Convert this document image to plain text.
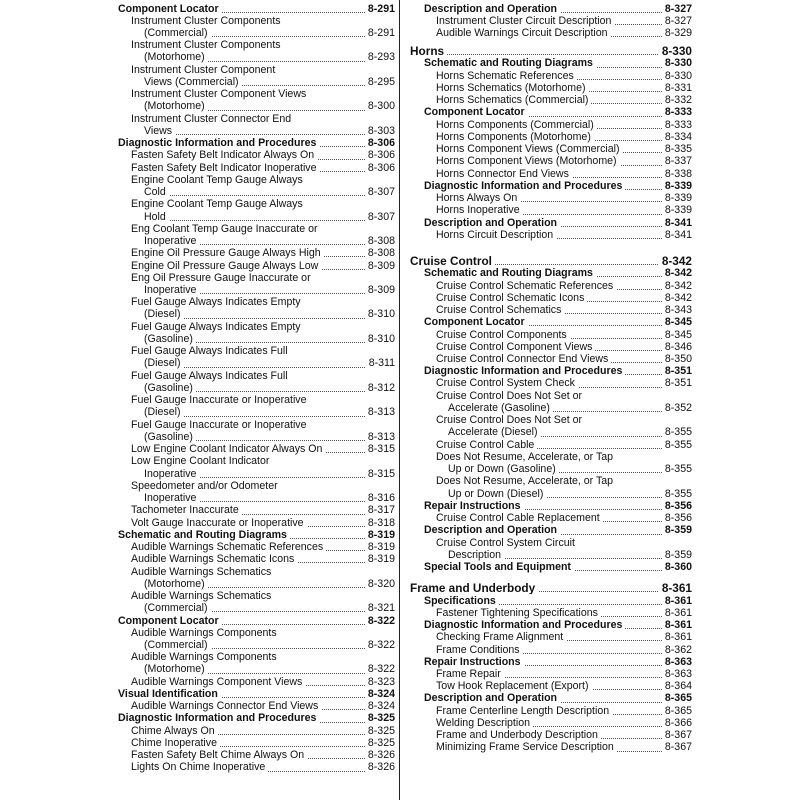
Component Locator	8-291
Instrument Cluster Components
(Commercial)	8-291
Instrument Cluster Components
(Motorhome)	8-293
Instrument Cluster Component
Views (Commercial)	8-295
Instrument Cluster Component Views
(Motorhome)	8-300
Instrument Cluster Connector End
Views	8-303
Diagnostic Information and Procedures	8-306
Fasten Safety Belt Indicator Always On	8-306
Fasten Safety Belt Indicator Inoperative	8-306
Engine Coolant Temp Gauge Always
Cold	8-307
Engine Coolant Temp Gauge Always
Hold	8-307
Eng Coolant Temp Gauge Inaccurate or
Inoperative	8-308
Engine Oil Pressure Gauge Always High	8-308
Engine Oil Pressure Gauge Always Low	8-309
Eng Oil Pressure Gauge Inaccurate or
Inoperative	8-309
Fuel Gauge Always Indicates Empty
(Diesel)	8-310
Fuel Gauge Always Indicates Empty
(Gasoline)	8-310
Fuel Gauge Always Indicates Full
(Diesel)	8-311
Fuel Gauge Always Indicates Full
(Gasoline)	8-312
Fuel Gauge Inaccurate or Inoperative
(Diesel)	8-313
Fuel Gauge Inaccurate or Inoperative
(Gasoline)	8-313
Low Engine Coolant Indicator Always On	8-315
Low Engine Coolant Indicator
Inoperative	8-315
Speedometer and/or Odometer
Inoperative	8-316
Tachometer Inaccurate	8-317
Volt Gauge Inaccurate or Inoperative	8-318
Schematic and Routing Diagrams	8-319
Audible Warnings Schematic References	8-319
Audible Warnings Schematic Icons	8-319
Audible Warnings Schematics
(Motorhome)	8-320
Audible Warnings Schematics
(Commercial)	8-321
Component Locator	8-322
Audible Warnings Components
(Commercial)	8-322
Audible Warnings Components
(Motorhome)	8-322
Audible Warnings Component Views	8-323
Visual Identification	8-324
Audible Warnings Connector End Views	8-324
Diagnostic Information and Procedures	8-325
Chime Always On	8-325
Chime Inoperative	8-325
Fasten Safety Belt Chime Always On	8-326
Lights On Chime Inoperative	8-326
Description and Operation	8-327
Instrument Cluster Circuit Description	8-327
Audible Warnings Circuit Description	8-329
Horns	8-330
Schematic and Routing Diagrams	8-330
Horns Schematic References	8-330
Horns Schematics (Motorhome)	8-331
Horns Schematics (Commercial)	8-332
Component Locator	8-333
Horns Components (Commercial)	8-333
Horns Components (Motorhome)	8-334
Horns Component Views (Commercial)	8-335
Horns Component Views (Motorhome)	8-337
Horns Connector End Views	8-338
Diagnostic Information and Procedures	8-339
Horns Always On	8-339
Horns Inoperative	8-339
Description and Operation	8-341
Horns Circuit Description	8-341
Cruise Control	8-342
Schematic and Routing Diagrams	8-342
Cruise Control Schematic References	8-342
Cruise Control Schematic Icons	8-342
Cruise Control Schematics	8-343
Component Locator	8-345
Cruise Control Components	8-345
Cruise Control Component Views	8-346
Cruise Control Connector End Views	8-350
Diagnostic Information and Procedures	8-351
Cruise Control System Check	8-351
Cruise Control Does Not Set or
Accelerate (Gasoline)	8-352
Cruise Control Does Not Set or
Accelerate (Diesel)	8-355
Cruise Control Cable	8-355
Does Not Resume, Accelerate, or Tap
Up or Down (Gasoline)	8-355
Does Not Resume, Accelerate, or Tap
Up or Down (Diesel)	8-355
Repair Instructions	8-356
Cruise Control Cable Replacement	8-356
Description and Operation	8-359
Cruise Control System Circuit
Description	8-359
Special Tools and Equipment	8-360
Frame and Underbody	8-361
Specifications	8-361
Fastener Tightening Specifications	8-361
Diagnostic Information and Procedures	8-361
Checking Frame Alignment	8-361
Frame Conditions	8-362
Repair Instructions	8-363
Frame Repair	8-363
Tow Hook Replacement (Export)	8-364
Description and Operation	8-365
Frame Centerline Length Description	8-365
Welding Description	8-366
Frame and Underbody Description	8-367
Minimizing Frame Service Description	8-367
